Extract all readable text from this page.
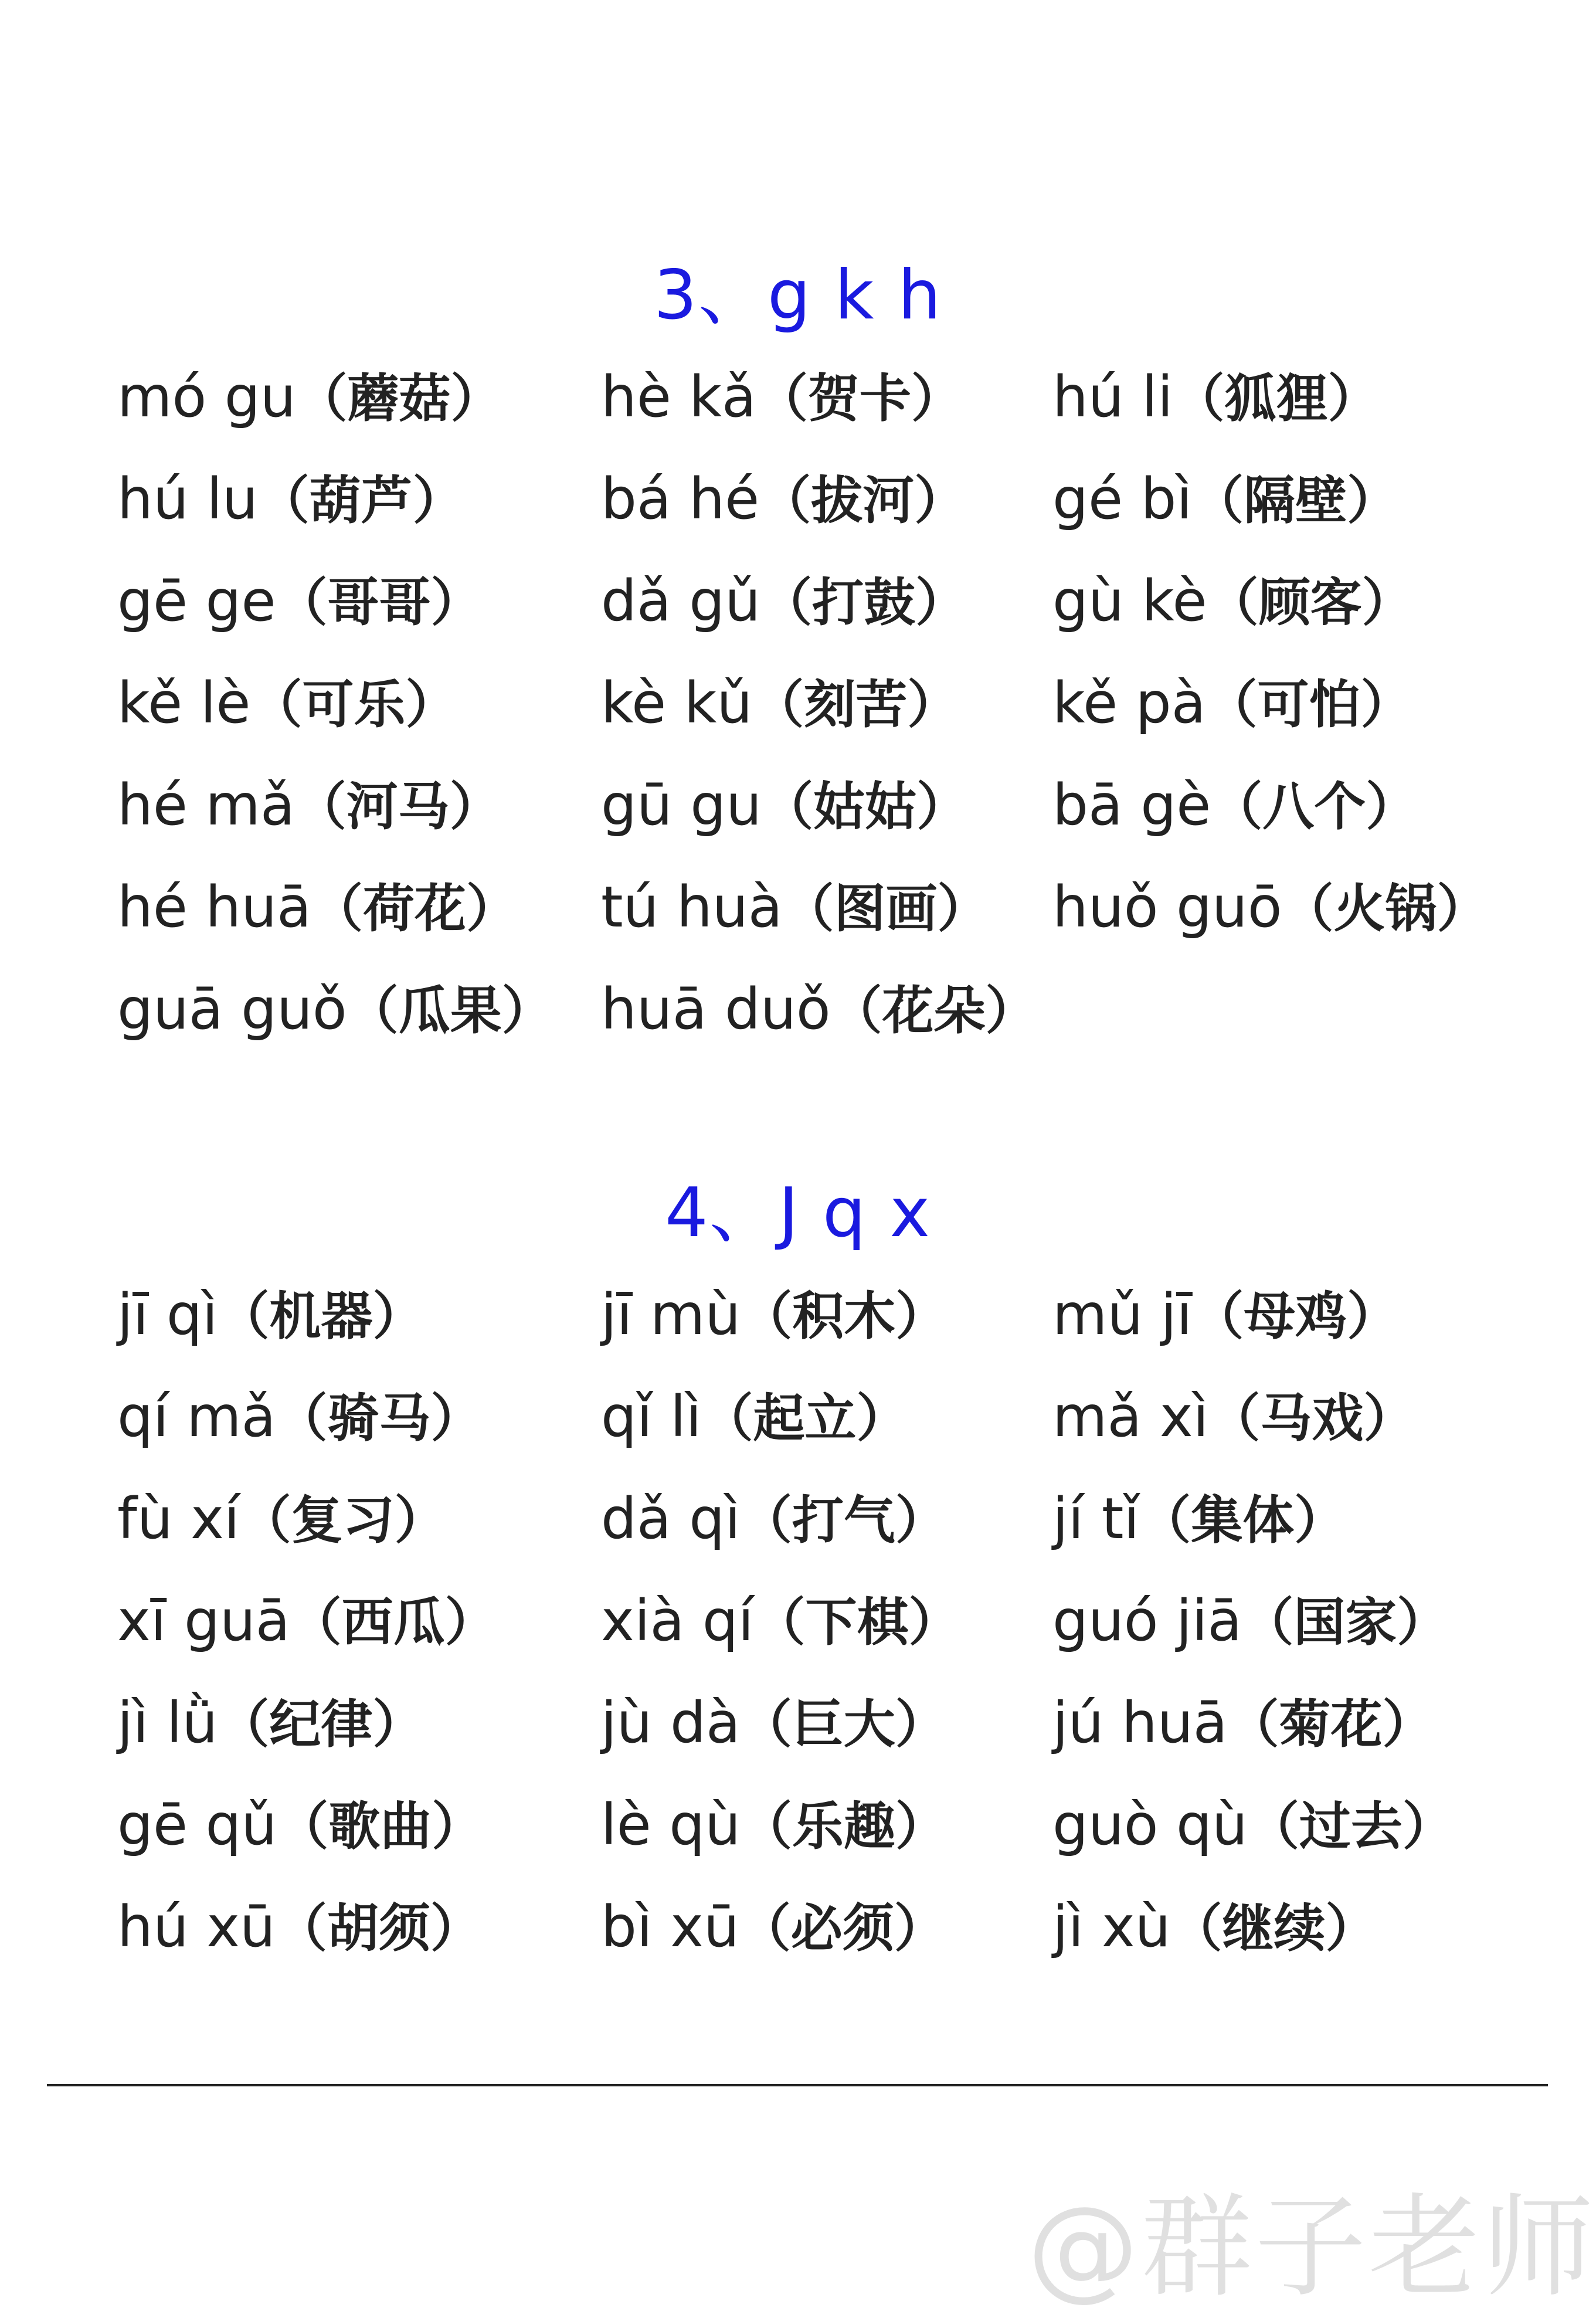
3、g k h
mó gu（蘑菇）	hè kǎ（贺卡）	hú li（狐狸）
hú lu（葫芦）	bá hé（拔河）	gé bì（隔壁）
gē ge（哥哥）	dǎ gǔ（打鼓）	gù kè（顾客）
kě lè（可乐）	kè kǔ（刻苦）	kě pà（可怕）
hé mǎ（河马）	gū gu（姑姑）	bā gè（八个）
hé huā（荷花）	tú huà（图画）	huǒ guō（火锅）
guā guǒ（瓜果） huā duǒ（花朵）
4、J q x
jī qì（机器）	jī mù（积木）	mǔ jī（母鸡）
qí mǎ（骑马）	qǐ lì（起立）	mǎ xì（马戏）
fù xí（复习）	dǎ qì（打气）	jí tǐ（集体）
xī guā（西瓜）	xià qí（下棋）	guó jiā（国家）
jì lǜ（纪律）	jù dà（巨大）	jú huā（菊花）
gē qǔ（歌曲）	lè qù（乐趣）	guò qù（过去）
hú xū（胡须）	bì xū（必须）	jì xù（继续）
@群子老师
